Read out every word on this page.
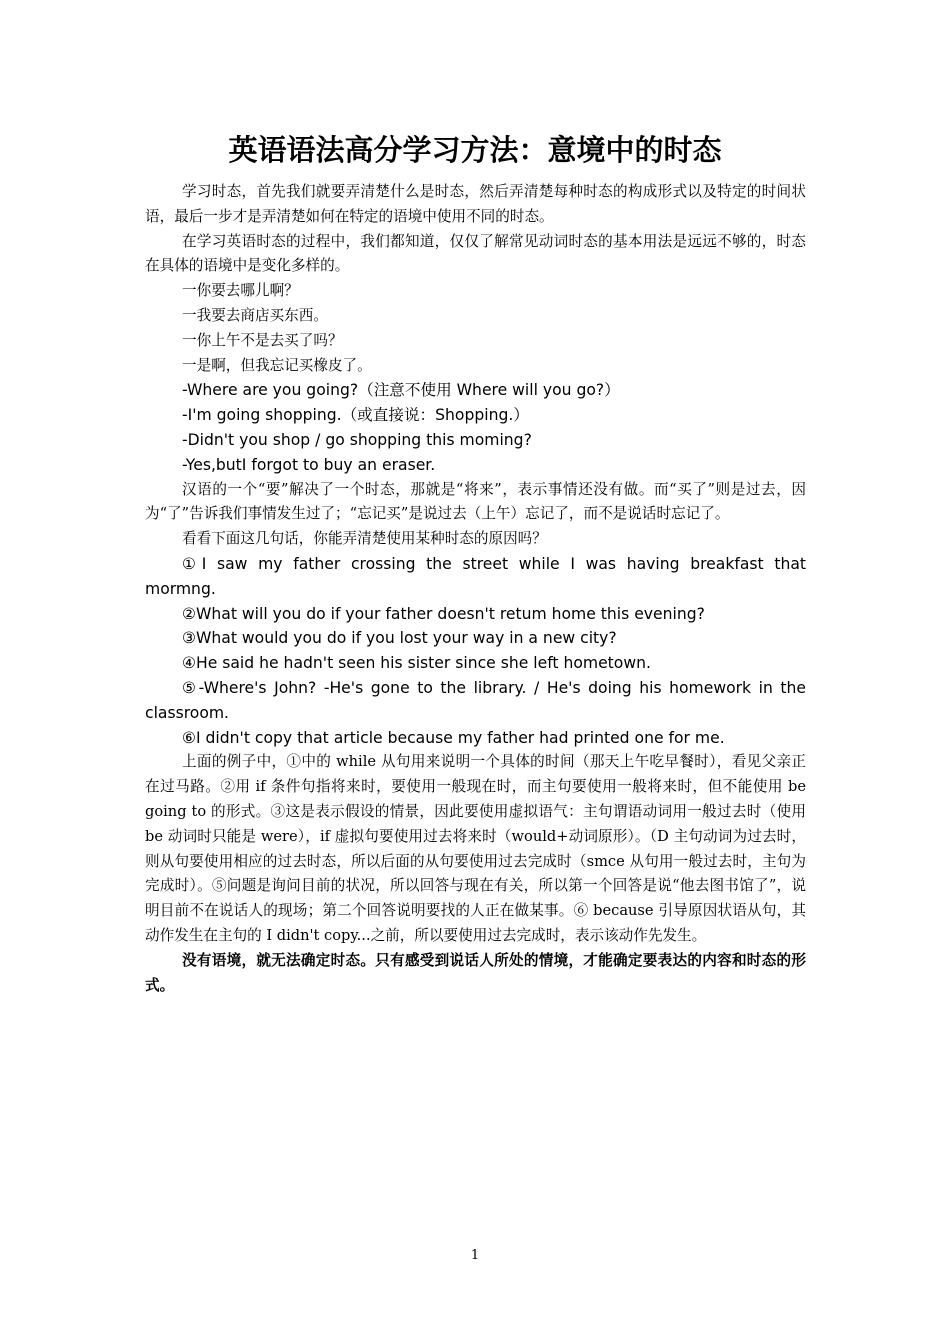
英语语法高分学习方法：意境中的时态

学习时态，首先我们就要弄清楚什么是时态，然后弄清楚每种时态的构成形式以及特定的时间状语，最后一步才是弄清楚如何在特定的语境中使用不同的时态。

在学习英语时态的过程中，我们都知道，仅仅了解常见动词时态的基本用法是远远不够的，时态在具体的语境中是变化多样的。

一你要去哪儿啊？

一我要去商店买东西。

一你上午不是去买了吗？

一是啊，但我忘记买橡皮了。

-Where are you going?（注意不使用 Where will you go?）

-I'm going shopping.（或直接说：Shopping.）

-Didn't you shop / go shopping this moming?

-Yes,butI forgot to buy an eraser.

汉语的一个“要”解决了一个时态，那就是“将来”，表示事情还没有做。而“买了”则是过去，因为“了”告诉我们事情发生过了；“忘记买”是说过去（上午）忘记了，而不是说话时忘记了。

看看下面这几句话，你能弄清楚使用某种时态的原因吗？

①I saw my father crossing the street while I was having breakfast that mormng.

②What will you do if your father doesn't retum home this evening?

③What would you do if you lost your way in a new city?

④He said he hadn't seen his sister since she left hometown.

⑤-Where's John? -He's gone to the library. / He's doing his homework in the classroom.

⑥I didn't copy that article because my father had printed one for me.

上面的例子中，①中的 while 从句用来说明一个具体的时间（那天上午吃早餐时），看见父亲正在过马路。②用 if 条件句指将来时，要使用一般现在时，而主句要使用一般将来时，但不能使用 be going to 的形式。③这是表示假设的情景，因此要使用虚拟语气：主句谓语动词用一般过去时（使用 be 动词时只能是 were），if 虚拟句要使用过去将来时（would+动词原形）。（D 主句动词为过去时，则从句要使用相应的过去时态，所以后面的从句要使用过去完成时（smce 从句用一般过去时，主句为完成时）。⑤问题是询问目前的状况，所以回答与现在有关，所以第一个回答是说“他去图书馆了”，说明目前不在说话人的现场；第二个回答说明要找的人正在做某事。⑥ because 引导原因状语从句，其动作发生在主句的 I didn't copy...之前，所以要使用过去完成时，表示该动作先发生。

没有语境，就无法确定时态。只有感受到说话人所处的情境，才能确定要表达的内容和时态的形式。

1
